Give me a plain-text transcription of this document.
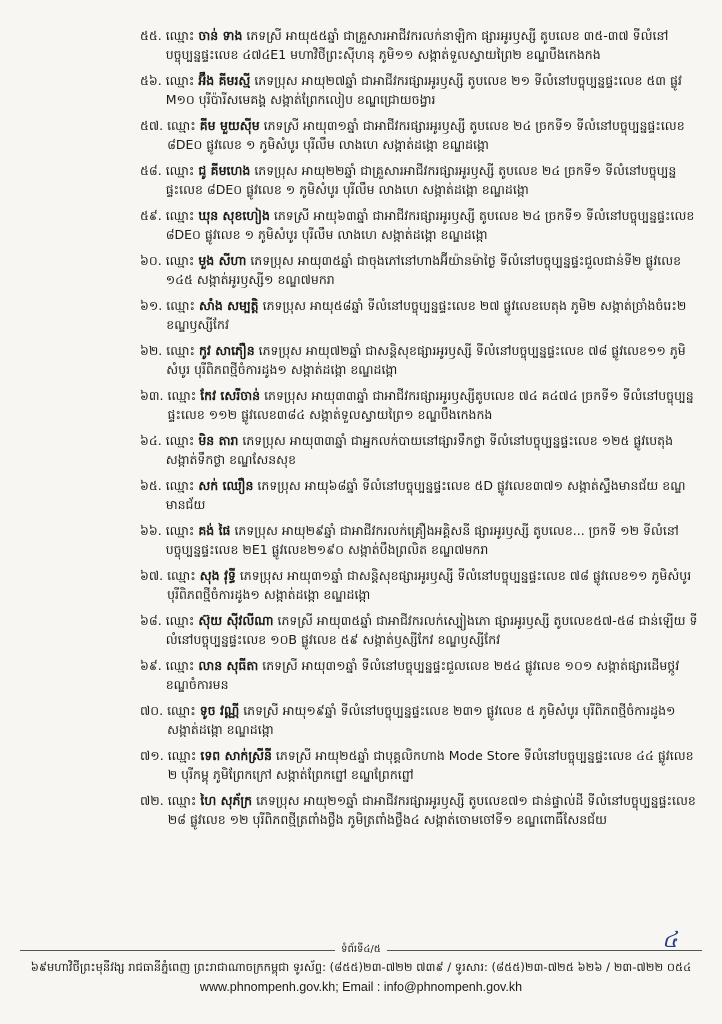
៥៥. ឈ្មោះ ចាន់ ទាង ភេទស្រី អាយុ៥៥ឆ្នាំ ជាគ្រួសារអាជីវករលក់នាឡិកា ផ្សារអូរឫស្សី តូបលេខ ៣៥-៣៧ ទីលំនៅបច្ចុប្បន្នផ្ទះលេខ ៤៧៤E1 មហាវិថីព្រះស៊ីហនុ ភូមិ១១ សង្កាត់ទួលស្វាយព្រៃ២ ខណ្ឌបឹងកេងកង
៥៦. ឈ្មោះ អ៊ឹង គីមរស្មី ភេទប្រុស អាយុ២៧ឆ្នាំ ជាអាជីវករផ្សារអូរឫស្សី តូបលេខ ២១ ទីលំនៅបច្ចុប្បន្នផ្ទះលេខ ៥៣ ផ្លូវ M១០ បុរីប៉ារីសមេគង្គ សង្កាត់ព្រែកលៀប ខណ្ឌជ្រោយចង្វារ
៥៧. ឈ្មោះ គីម មួយស៊ីម ភេទស្រី អាយុ៣១ឆ្នាំ ជាអាជីវករផ្សារអូរឫស្សី តូបលេខ ២៤ ច្រកទី១ ទីលំនៅបច្ចុប្បន្នផ្ទះលេខ ៨DE០ ផ្លូវលេខ ១ ភូមិសំបូរ បុរីលឹម លាងហេ សង្កាត់ដង្កោ ខណ្ឌដង្កោ
៥៨. ឈ្មោះ ជូ គីមហេង ភេទប្រុស អាយុ២២ឆ្នាំ ជាគ្រួសារអាជីវករផ្សារអូរឫស្សី តូបលេខ ២៤ ច្រកទី១ ទីលំនៅបច្ចុប្បន្នផ្ទះលេខ ៨DE០ ផ្លូវលេខ ១ ភូមិសំបូរ បុរីលឹម លាងហេ សង្កាត់ដង្កោ ខណ្ឌដង្កោ
៥៩. ឈ្មោះ ឃុន សុខហៀង ភេទស្រី អាយុ៦៣ឆ្នាំ ជាអាជីវករផ្សារអូរឫស្សី តូបលេខ ២៤ ច្រកទី១ ទីលំនៅបច្ចុប្បន្នផ្ទះលេខ ៨DE០ ផ្លូវលេខ ១ ភូមិសំបូរ បុរីលឹម លាងហេ សង្កាត់ដង្កោ ខណ្ឌដង្កោ
៦០. ឈ្មោះ មួង សីហា ភេទប្រុស អាយុ៣៥ឆ្នាំ ជាចុងភៅនៅហាងអ៊ីយ៉ានម៉ាថ្ងៃ ទីលំនៅបច្ចុប្បន្នផ្ទះជួលជាន់ទី២ ផ្លូវលេខ ១៤៥ សង្កាត់អូរឫស្សី១ ខណ្ឌ៧មករា
៦១. ឈ្មោះ សាំង សម្បត្តិ ភេទប្រុស អាយុ៥៨ឆ្នាំ ទីលំនៅបច្ចុប្បន្នផ្ទះលេខ ២៧ ផ្លូវលេខបេតុង ភូមិ២ សង្កាត់ច្រាំងចំរេះ២ ខណ្ឌឫស្សីកែវ
៦២. ឈ្មោះ កូវ សាភឿន ភេទប្រុស អាយុ៧២ឆ្នាំ ជាសន្តិសុខផ្សារអូរឫស្សី ទីលំនៅបច្ចុប្បន្នផ្ទះលេខ ៧៨ ផ្លូវលេខ១១ ភូមិសំបូរ បុរីពិភពថ្មីចំការដូង១ សង្កាត់ដង្កោ ខណ្ឌដង្កោ
៦៣. ឈ្មោះ កែវ សេរីចាន់ ភេទប្រុស អាយុ៣៣ឆ្នាំ ជាអាជីវករផ្សារអូរឫស្សីតូបលេខ ៧៤ គ៤៧៤ ច្រកទី១ ទីលំនៅបច្ចុប្បន្នផ្ទះលេខ ១១២ ផ្លូវលេខ៣៨៤ សង្កាត់ទួលស្វាយព្រៃ១ ខណ្ឌបឹងកេងកង
៦៤. ឈ្មោះ មិន តារា ភេទប្រុស អាយុ៣៣ឆ្នាំ ជាអ្នកលក់បាយនៅផ្សារទឹកថ្លា ទីលំនៅបច្ចុប្បន្នផ្ទះលេខ ១២៥ ផ្លូវបេតុង សង្កាត់ទឹកថ្លា ខណ្ឌសែនសុខ
៦៥. ឈ្មោះ សក់ ឈឿន ភេទប្រុស អាយុ៦៨ឆ្នាំ ទីលំនៅបច្ចុប្បន្នផ្ទះលេខ ៥D ផ្លូវលេខ៣៧១ សង្កាត់ស្ទឹងមានជ័យ ខណ្ឌមានជ័យ
៦៦. ឈ្មោះ គង់ ផៃ ភេទប្រុស អាយុ២៩ឆ្នាំ ជាអាជីវករលក់គ្រឿងអគ្គិសនី ផ្សារអូរឫស្សី តូបលេខ... ច្រកទី ១២ ទីលំនៅបច្ចុប្បន្នផ្ទះលេខ ២E1 ផ្លូវលេខ២១៩០ សង្កាត់បឹងព្រលិត ខណ្ឌ៧មករា
៦៧. ឈ្មោះ សុង វុទ្ធី ភេទប្រុស អាយុ៣១ឆ្នាំ ជាសន្តិសុខផ្សារអូរឫស្សី ទីលំនៅបច្ចុប្បន្នផ្ទះលេខ ៧៨ ផ្លូវលេខ១១ ភូមិសំបូរ បុរីពិភពថ្មីចំការដូង១ សង្កាត់ដង្កោ ខណ្ឌដង្កោ
៦៨. ឈ្មោះ ស៊ុយ ស៊ីវលីណា ភេទស្រី អាយុ៣៥ឆ្នាំ ជាអាជីវករលក់ស្បៀងភោ ផ្សារអូរឫស្សី តូបលេខ៥៧-៥៨ ជាន់ឡើយ ទីលំនៅបច្ចុប្បន្នផ្ទះលេខ ១០B ផ្លូវលេខ ៥៩ សង្កាត់ឫស្សីកែវ ខណ្ឌឫស្សីកែវ
៦៩. ឈ្មោះ លាន សុធីតា ភេទស្រី អាយុ៣១ឆ្នាំ ទីលំនៅបច្ចុប្បន្នផ្ទះជួលលេខ ២៥៤ ផ្លូវលេខ ១០១ សង្កាត់ផ្សារដើមថ្កូវ ខណ្ឌចំការមន
៧០. ឈ្មោះ ទូច វណ្ណី ភេទស្រី អាយុ១៩ឆ្នាំ ទីលំនៅបច្ចុប្បន្នផ្ទះលេខ ២៣១ ផ្លូវលេខ ៥ ភូមិសំបូរ បុរីពិភពថ្មីចំការដូង១ សង្កាត់ដង្កោ ខណ្ឌដង្កោ
៧១. ឈ្មោះ ទេព សាក់ស្រីនី ភេទស្រី អាយុ២៥ឆ្នាំ ជាបុគ្គលិកហាង Mode Store ទីលំនៅបច្ចុប្បន្នផ្ទះលេខ ៤៤ ផ្លូវលេខ ២ បុរីកម្ពុ ភូមិព្រែកក្រៅ សង្កាត់ព្រែកព្នៅ ខណ្ឌព្រែកព្នៅ
៧២. ឈ្មោះ ហៃ សុភ័ក្រ ភេទប្រុស អាយុ២១ឆ្នាំ ជាអាជីវករផ្សារអូរឫស្សី តូបលេខ៧១ ជាន់ផ្ទាល់ដី ទីលំនៅបច្ចុប្បន្នផ្ទះលេខ ២៨ ផ្លូវលេខ ១២ បុរីពិភពថ្មីត្រពាំងថ្លឹង ភូមិត្រពាំងថ្លឹង៤ សង្កាត់ចោមចៅទី១ ខណ្ឌពោធិ៍សែនជ័យ
៤
ទំព័រទី៤/៥
៦៩មហាវិថីព្រះមុនីវង្ស រាជធានីភ្នំពេញ ព្រះរាជាណាចក្រកម្ពុជា ទូរស័ព្ទ: (៨៥៥)២៣-៧២២ ៧៣៩ / ទូរសារ: (៨៥៥)២៣-៧២៥ ៦២៦ / ២៣-៧២២ ០៥៤
www.phnompenh.gov.kh; Email : info@phnompenh.gov.kh
